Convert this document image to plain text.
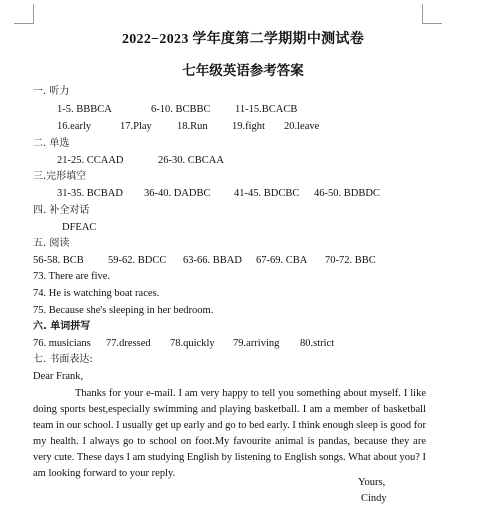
2022−2023 学年度第二学期期中测试卷
七年级英语参考答案
一. 听力
1-5. BBBCA	6-10. BCBBC 11-15.BCACB
16.early	17.Play 18.Run 19.fight 20.leave
二. 单选
21-25. CCAAD	26-30. CBCAA
三.完形填空
31-35. BCBAD 36-40. DADBC 41-45. BDCBC 46-50. BDBDC
四. 补全对话
DFEAC
五. 阅读
56-58. BCB 59-62. BDCC 63-66. BBAD 67-69. CBA 70-72. BBC
73. There are five.
74. He is watching boat races.
75. Because she's sleeping in her bedroom.
六. 单词拼写
76. musicians 77.dressed 78.quickly 79.arriving 80.strict
七. 书面表达:
Dear Frank,
Thanks for your e-mail. I am very happy to tell you something about myself. I like doing sports best,especially swimming and playing basketball. I am a member of basketball team in our school. I usually get up early and go to bed early. I think enough sleep is good for my health. I always go to school on foot.My favourite animal is pandas, because they are very cute. These days I am studying English by listening to English songs. What about you? I am looking forward to your reply.
Yours,
Cindy
